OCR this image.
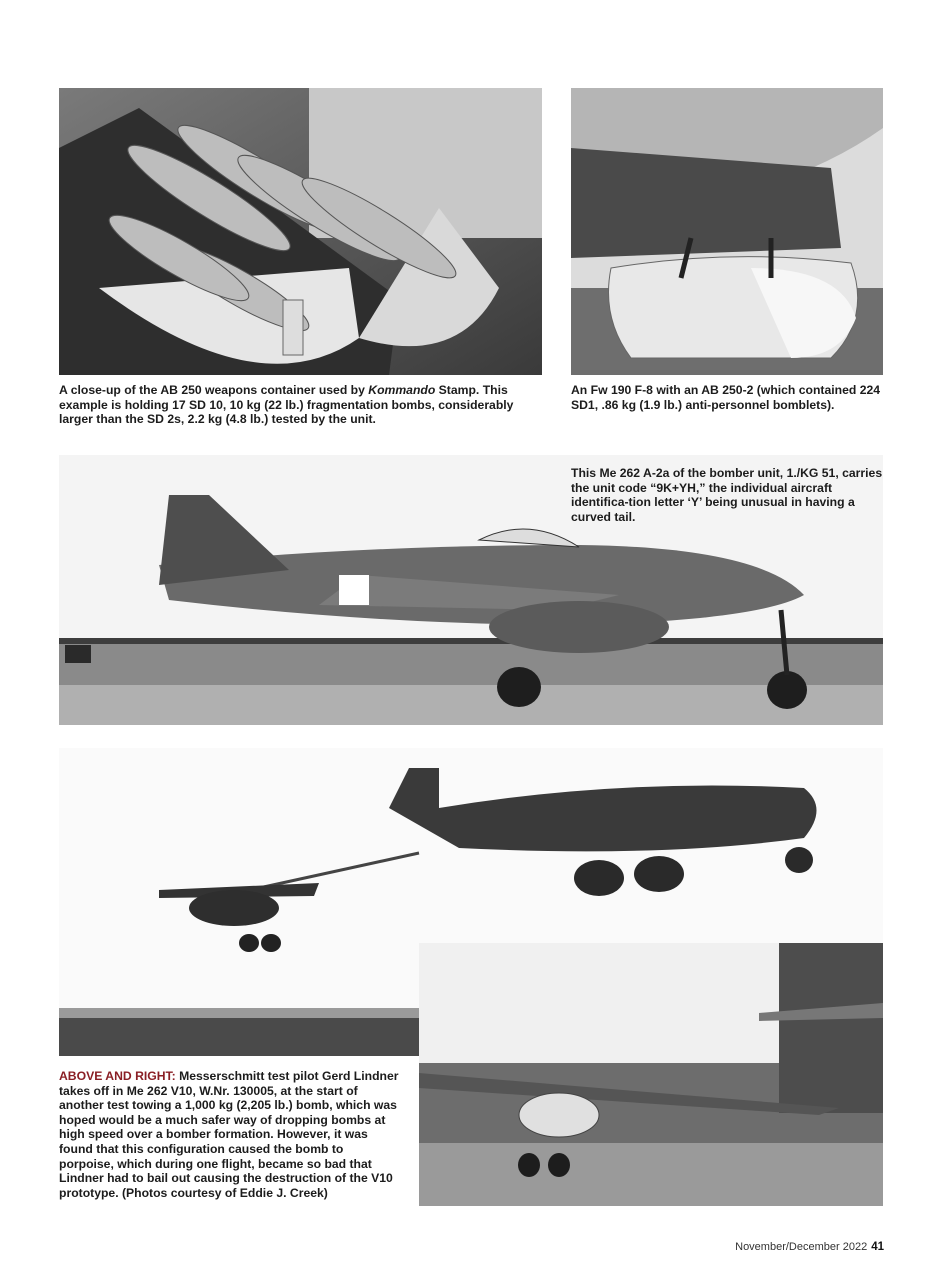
A close-up of the AB 250 weapons container used by Kommando Stamp. This example is holding 17 SD 10, 10 kg (22 lb.) fragmentation bombs, considerably larger than the SD 2s, 2.2 kg (4.8 lb.) tested by the unit.
An Fw 190 F-8 with an AB 250-2 (which contained 224 SD1, .86 kg (1.9 lb.) anti-personnel bomblets).
This Me 262 A-2a of the bomber unit, 1./KG 51, carries the unit code “9K+YH,” the individual aircraft identifica-tion letter ‘Y’ being unusual in having a curved tail.
ABOVE AND RIGHT: Messerschmitt test pilot Gerd Lindner takes off in Me 262 V10, W.Nr. 130005, at the start of another test towing a 1,000 kg (2,205 lb.) bomb, which was hoped would be a much safer way of dropping bombs at high speed over a bomber formation. However, it was found that this configuration caused the bomb to porpoise, which during one flight, became so bad that Lindner had to bail out causing the destruction of the V10 prototype. (Photos courtesy of Eddie J. Creek)
November/December 2022 41
